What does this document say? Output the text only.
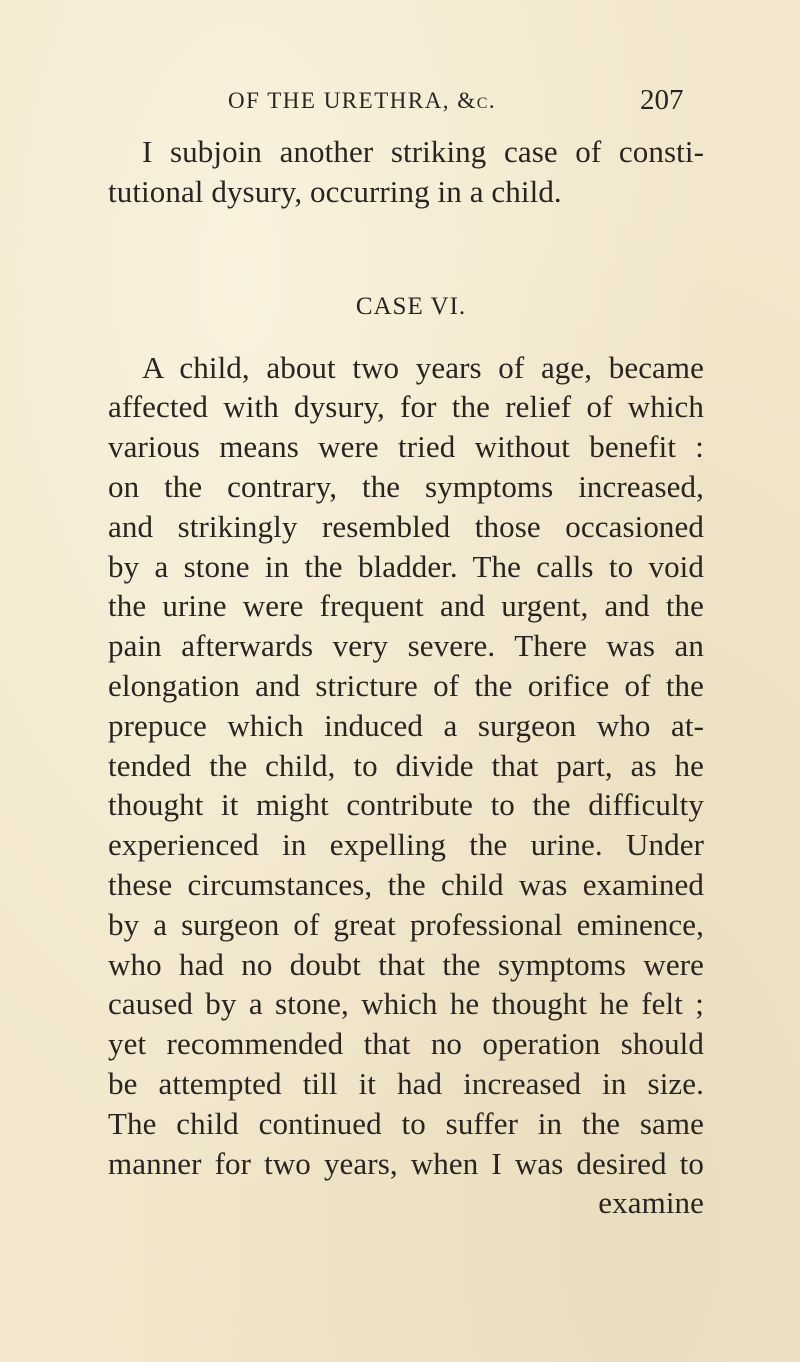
OF THE URETHRA, &c.	207
I subjoin another striking case of consti-
tutional dysury, occurring in a child.
CASE VI.
A child, about two years of age, became
affected with dysury, for the relief of which
various means were tried without benefit :
on the contrary, the symptoms increased,
and strikingly resembled those occasioned
by a stone in the bladder. The calls to void
the urine were frequent and urgent, and the
pain afterwards very severe. There was an
elongation and stricture of the orifice of the
prepuce which induced a surgeon who at-
tended the child, to divide that part, as he
thought it might contribute to the difficulty
experienced in expelling the urine. Under
these circumstances, the child was examined
by a surgeon of great professional eminence,
who had no doubt that the symptoms were
caused by a stone, which he thought he felt ;
yet recommended that no operation should
be attempted till it had increased in size.
The child continued to suffer in the same
manner for two years, when I was desired to
examine
